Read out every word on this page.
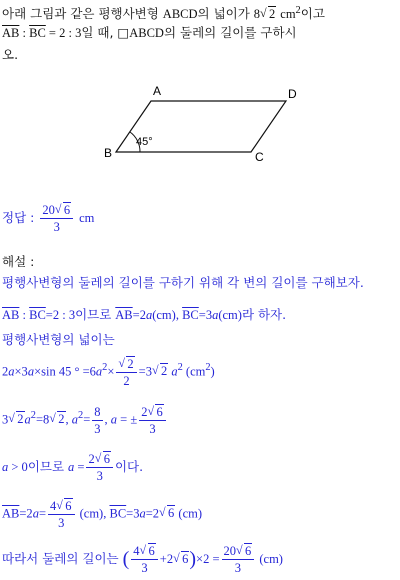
아래 그림과 같은 평행사변형 ABCD의 넓이가 8 √ 2 $cm^2$이고
$\overline{AB}$ : $\overline{BC} = 2$ : 3일 때, □ABCD의 둘레의 길이를 구하시
오.
A
B	C
D
45°
정답 : $\frac{20 √ 6}{3}$ cm
해설 :
평행사변형의 둘레의 길이를 구하기 위해 각 변의 길이를 구해보자.
$\overline{AB}$ : $\overline{BC}=2$ : 3이므로 $\overline{AB}=2a(cm)$, $\overline{BC}=3a(cm)$라 하자.
평행사변형의 넓이는
2a×3a×sin 45 ° $=6a^2\times \frac{√ 2}{2} =3$ √ 2 $a^2$ $(cm^2)$
3 √ $2a^2=8$ √ 2, $a^2= \frac{8}{3}$ , a = ± $\frac{2 √ 6}{3}$
a > 0이므로 $a = \frac{2 √ 6}{3}$ 이다.
$\overline{AB}=2a= \frac{4 √ 6}{3} (cm)$, $\overline{BC}=3a=2$ √ 6 (cm)
따라서 둘레의 길이는 ( $\frac{4 √ 6}{3} +2$ √ $6)\times 2 = \frac{20 √ 6}{3} (cm)$
